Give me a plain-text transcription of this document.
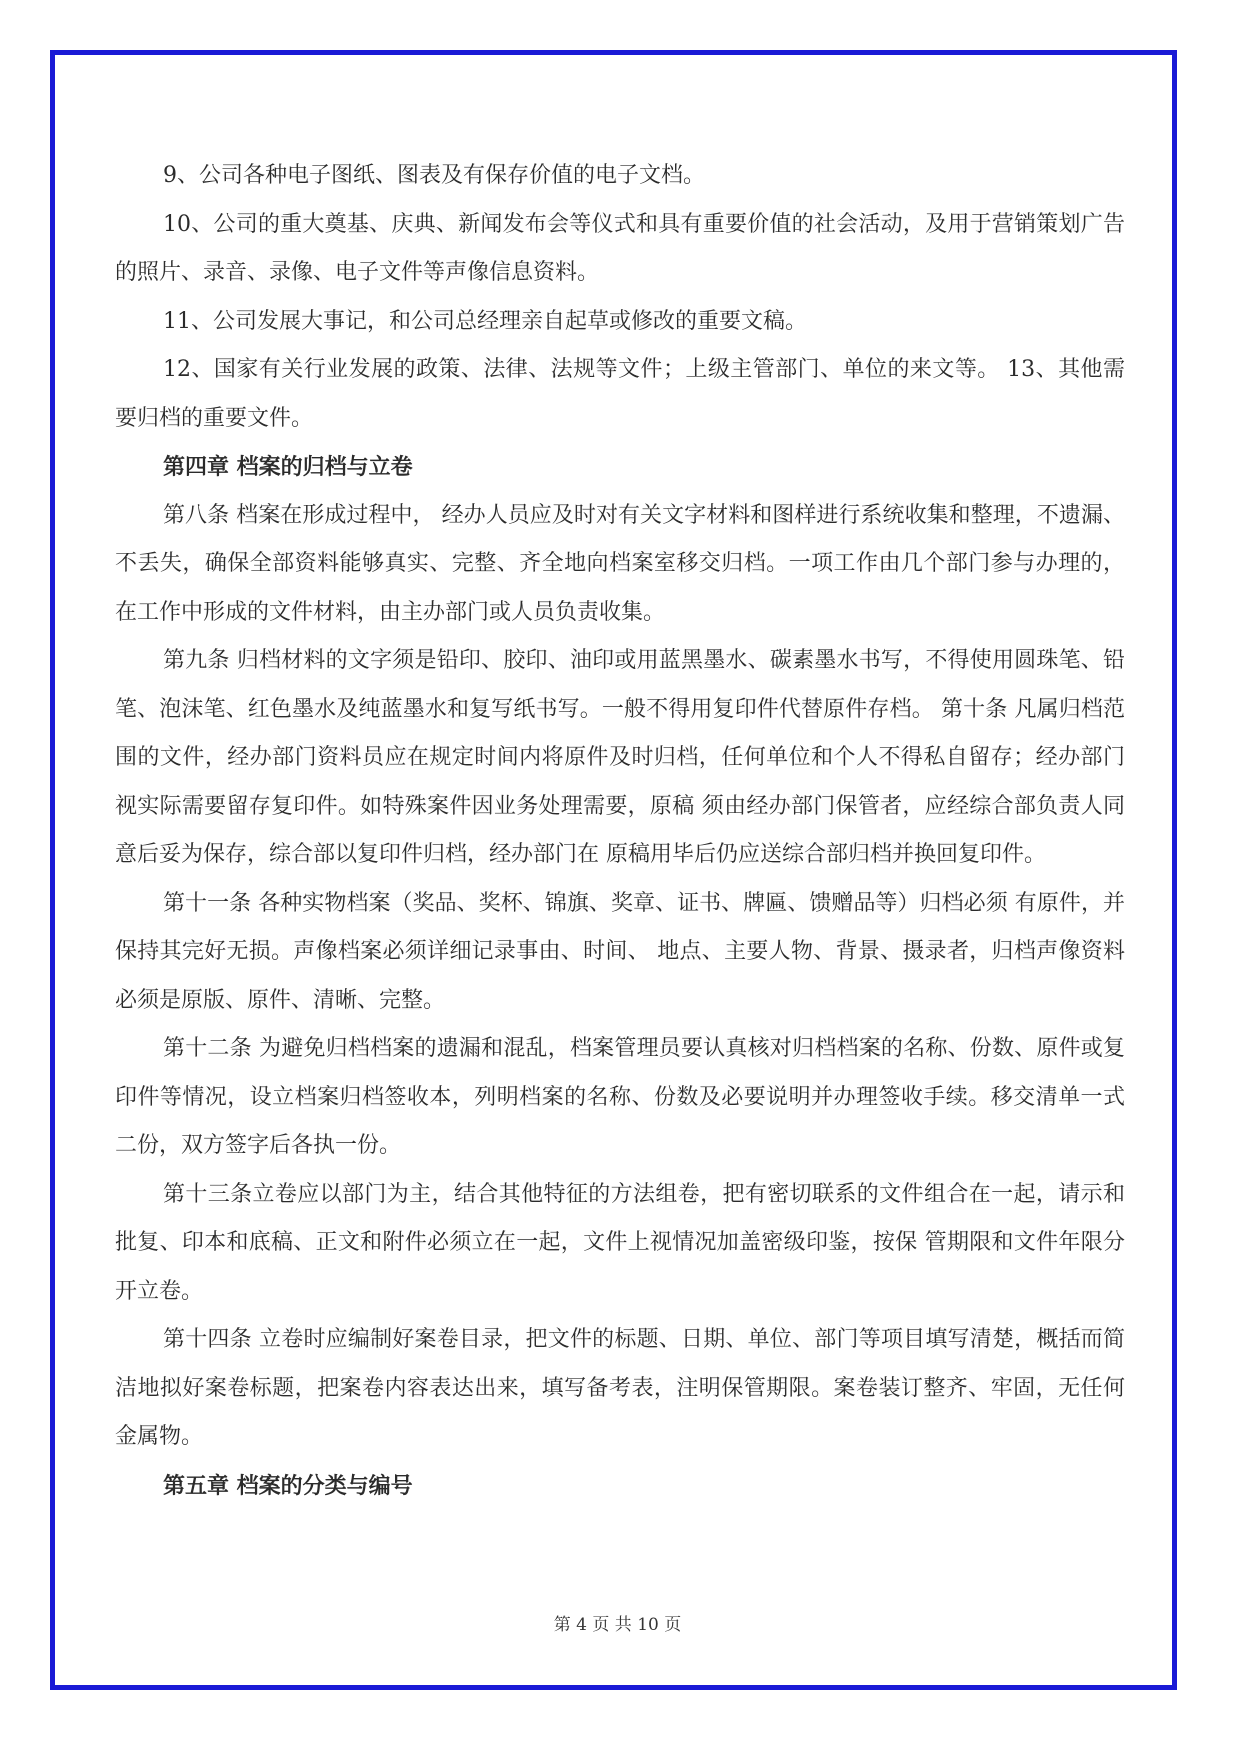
9、公司各种电子图纸、图表及有保存价值的电子文档。

10、公司的重大奠基、庆典、新闻发布会等仪式和具有重要价值的社会活动，及用于营销策划广告的照片、录音、录像、电子文件等声像信息资料。

11、公司发展大事记，和公司总经理亲自起草或修改的重要文稿。

12、国家有关行业发展的政策、法律、法规等文件；上级主管部门、单位的来文等。 13、其他需要归档的重要文件。

第四章 档案的归档与立卷

第八条 档案在形成过程中， 经办人员应及时对有关文字材料和图样进行系统收集和整理，不遗漏、不丢失，确保全部资料能够真实、完整、齐全地向档案室移交归档。一项工作由几个部门参与办理的，在工作中形成的文件材料，由主办部门或人员负责收集。

第九条 归档材料的文字须是铅印、胶印、油印或用蓝黑墨水、碳素墨水书写，不得使用圆珠笔、铅笔、泡沫笔、红色墨水及纯蓝墨水和复写纸书写。一般不得用复印件代替原件存档。 第十条 凡属归档范围的文件，经办部门资料员应在规定时间内将原件及时归档，任何单位和个人不得私自留存；经办部门视实际需要留存复印件。如特殊案件因业务处理需要，原稿 须由经办部门保管者，应经综合部负责人同意后妥为保存，综合部以复印件归档，经办部门在 原稿用毕后仍应送综合部归档并换回复印件。

第十一条 各种实物档案（奖品、奖杯、锦旗、奖章、证书、牌匾、馈赠品等）归档必须 有原件，并保持其完好无损。声像档案必须详细记录事由、时间、 地点、主要人物、背景、摄录者，归档声像资料必须是原版、原件、清晰、完整。

第十二条 为避免归档档案的遗漏和混乱，档案管理员要认真核对归档档案的名称、份数、原件或复印件等情况，设立档案归档签收本，列明档案的名称、份数及必要说明并办理签收手续。移交清单一式二份，双方签字后各执一份。

第十三条立卷应以部门为主，结合其他特征的方法组卷，把有密切联系的文件组合在一起，请示和批复、印本和底稿、正文和附件必须立在一起，文件上视情况加盖密级印鉴，按保 管期限和文件年限分开立卷。

第十四条 立卷时应编制好案卷目录，把文件的标题、日期、单位、部门等项目填写清楚，概括而简洁地拟好案卷标题，把案卷内容表达出来，填写备考表，注明保管期限。案卷装订整齐、牢固，无任何金属物。

第五章 档案的分类与编号

第 4 页 共 10 页
